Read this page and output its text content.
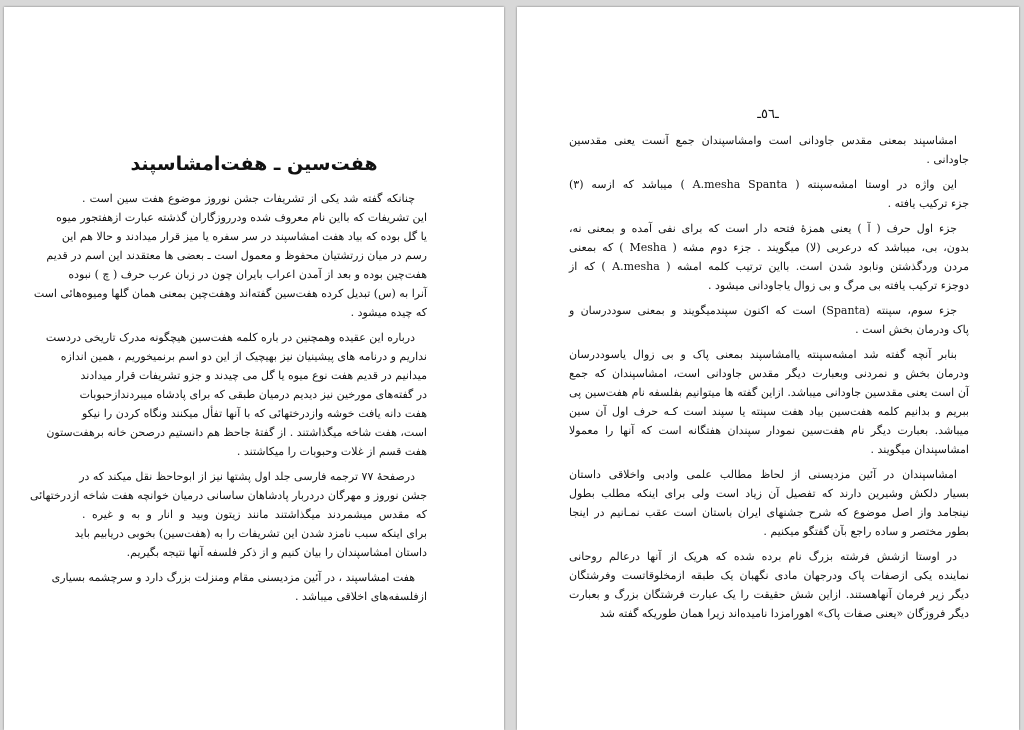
هفت‌سین ـ هفت‌امشاسپند
چنانکه گفته شد یکی از تشریفات جشن نوروز موضوع هفت سین است .
این تشریفات که بااین نام معروف شده ودرروزگاران گذشته عبارت ازهفتجور میوه
یا گل بوده که بیاد هفت امشاسپند در سر سفره یا میز قرار میدادند و حالا هم این
رسم در میان زرتشتیان محفوظ و معمول است ـ بعضی ها معتقدند این اسم در قدیم
هفت‌چین بوده و بعد از آمدن اعراب بایران چون در زبان عرب حرف ( چ ) نبوده
آنرا به (س) تبدیل کرده هفت‌سین گفته‌اند وهفت‌چین بمعنی همان گلها ومیوه‌هائی است
که چیده میشود .
درباره این عقیده وهمچنین در باره کلمه هفت‌سین هیچگونه مدرک تاریخی دردست
نداریم و درنامه های پیشینیان نیز بهیچیک از این دو اسم برنمیخوریم ، همین اندازه
میدانیم در قدیم هفت نوع میوه یا گل می چیدند و جزو تشریفات قرار میدادند
در گفته‌های مورخین نیز دیدیم درمیان طبقی که برای پادشاه میبردندازحبوبات
هفت دانه یافت خوشه وازدرختهائی که با آنها تفأل میکنند ونگاه کردن را نیکو
است، هفت شاخه میگذاشتند . از گفتهٔ جاحظ هم دانستیم درصحن خانه برهفت‌ستون
هفت قسم از غلات وحبوبات را میکاشتند .
درصفحهٔ ۷۷ ترجمه فارسی جلد اول پشتها نیز از ابوحاحظ نقل میکند که در
جشن نوروز و مهرگان دردربار پادشاهان ساسانی درمیان خوانچه هفت شاخه ازدرختهائی
که مقدس میشمردند میگذاشتند مانند زیتون وبید و انار و به و غیره .
برای اینکه سبب نامزد شدن این تشریفات را به (هفت‌سین) بخوبی دریابیم باید
داستان امشاسپندان را بیان کنیم و از ذکر فلسفه آنها نتیجه بگیریم.
هفت امشاسپند ، در آئین مزدیسنی مقام ومنزلت بزرگ دارد و سرچشمه بسیاری
ازفلسفه‌های اخلاقی میباشد .
ـ٥٦ـ
امشاسپند بمعنی مقدس جاودانی است وامشاسپندان جمع آنست یعنی مقدسین
جاودانی .
این واژه در اوستا امشه‌سپنته ( A.mesha Spanta ) میباشد که ازسه (۳)
جزء ترکیب یافته .
جزء اول حرف ( آ ) یعنی همزهٔ فتحه دار است که برای نفی آمده و بمعنی نه،
بدون، بی، میباشد که درعربی (لا) میگویند . جزء دوم مشه ( Mesha ) که بمعنی
مردن وردگذشتن ونابود شدن است. بااین ترتیب کلمه امشه ( A.mesha ) که از
دوجزء ترکیب یافته بی مرگ و بی زوال یاجاودانی میشود .
جزء سوم، سپنته (Spanta) است که اکنون سپندمیگویند و بمعنی سوددرسان و
پاک ودرمان بخش است .
بنابر آنچه گفته شد امشه‌سپنته یاامشاسپند بمعنی پاک و بی زوال یاسوددرسان
ودرمان بخش و نمردنی وبعبارت دیگر مقدس جاودانی است، امشاسپندان که جمع
آن است یعنی مقدسین جاودانی میباشد. ازاین گفته ها میتوانیم بفلسفه نام هفت‌سین پی
ببریم و بدانیم کلمه هفت‌سین بیاد هفت سپنته یا سپند است کـه حرف اول آن سین
میباشد. بعبارت دیگر نام هفت‌سین نمودار سپندان هفتگانه است که آنها را معمولا
امشاسپندان میگویند .
امشاسپندان در آئین مزدیسنی از لحاظ مطالب علمی وادبی واخلاقی داستان
بسیار دلکش وشیرین دارند که تفصیل آن زیاد است ولی برای اینکه مطلب بطول
نینجامد واز اصل موضوع که شرح جشنهای ایران باستان است عقب نمـانیم در اینجا
بطور مختصر و ساده راجع بآن گفتگو میکنیم .
در اوستا ازشش فرشته بزرگ نام برده شده که هریک از آنها درعالم روحانی
نماینده یکی ازصفات پاک ودرجهان مادی نگهبان یک طبقه ازمخلوقاتست وفرشتگان
دیگر زیر فرمان آنهاهستند. ازاین شش حقیقت را یک عبارت فرشتگان بزرگ و بعبارت
دیگر فروزگان «یعنی صفات پاک» اهورامزدا نامیده‌اند زیرا همان طوریکه گفته شد
